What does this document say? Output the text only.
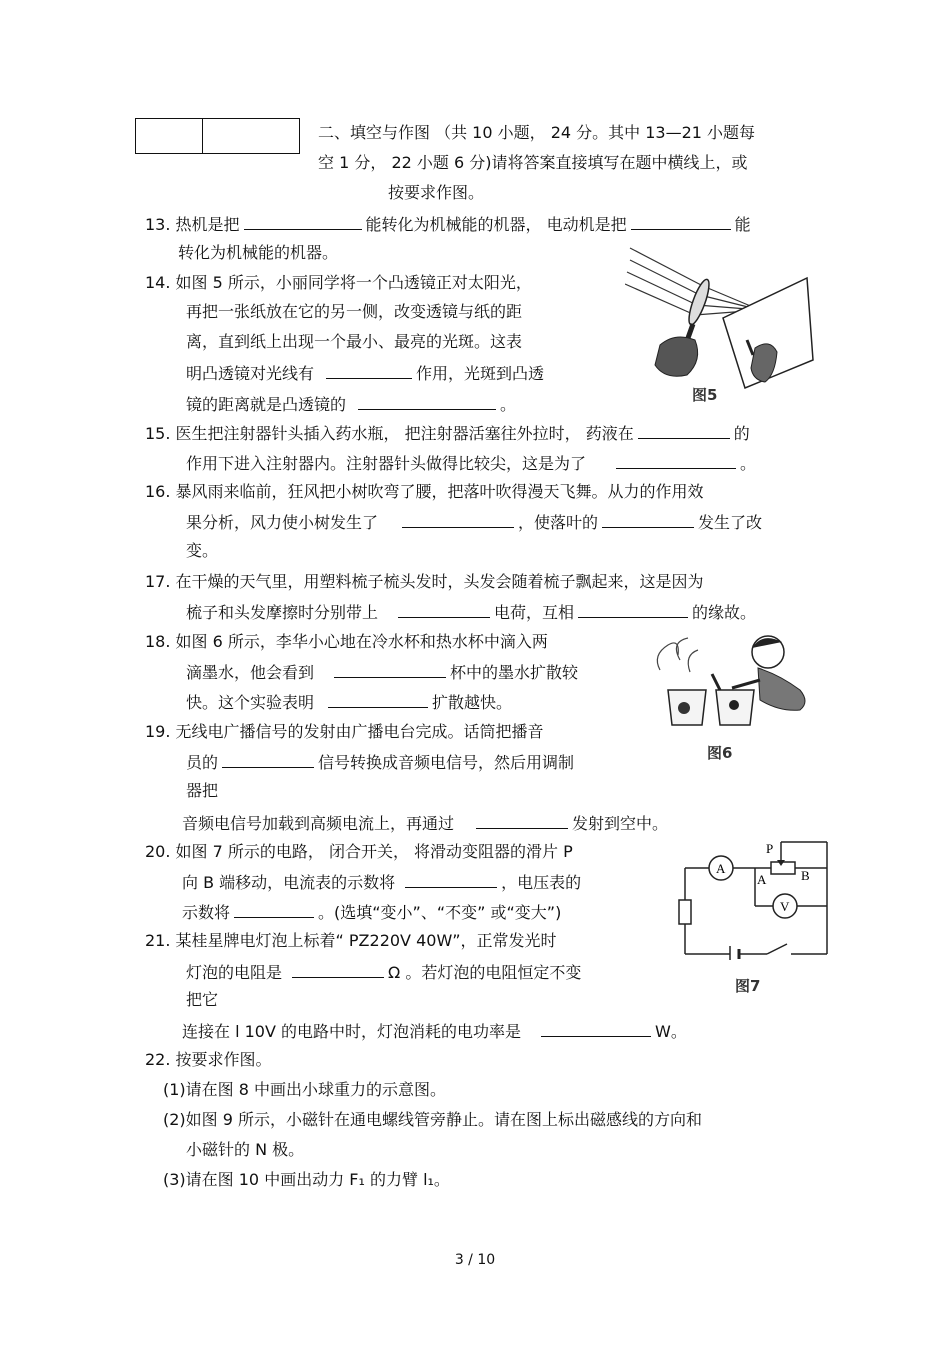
二、填空与作图 （共 10 小题， 24 分。其中 13—21 小题每
空 1 分， 22 小题 6 分)请将答案直接填写在题中横线上，或
按要求作图。
13. 热机是把	能转化为机械能的机器， 电动机是把	能
转化为机械能的机器。
14. 如图 5 所示，小丽同学将一个凸透镜正对太阳光，
再把一张纸放在它的另一侧，改变透镜与纸的距
离，直到纸上出现一个最小、最亮的光斑。这表
明凸透镜对光线有	作用，光斑到凸透
镜的距离就是凸透镜的	。	图5
15. 医生把注射器针头插入药水瓶， 把注射器活塞往外拉时， 药液在	的
作用下进入注射器内。注射器针头做得比较尖，这是为了	。
16. 暴风雨来临前，狂风把小树吹弯了腰，把落叶吹得漫天飞舞。从力的作用效
果分析，风力使小树发生了	，使落叶的	发生了改
变。
17. 在干燥的天气里，用塑料梳子梳头发时，头发会随着梳子飘起来，这是因为
梳子和头发摩擦时分别带上	电荷，互相	的缘故。
18. 如图 6 所示，李华小心地在冷水杯和热水杯中滴入两
滴墨水，他会看到	杯中的墨水扩散较
快。这个实验表明	扩散越快。
图6
19. 无线电广播信号的发射由广播电台完成。话筒把播音
员的	信号转换成音频电信号，然后用调制
器把
音频电信号加载到高频电流上，再通过	发射到空中。
20. 如图 7 所示的电路， 闭合开关， 将滑动变阻器的滑片 P
向 B 端移动，电流表的示数将	，电压表的
示数将	。(选填“变小”、“不变” 或“变大”)
A
P
A	B
V
图7
21. 某桂星牌电灯泡上标着“ PZ220V 40W”，正常发光时
灯泡的电阻是	Ω 。若灯泡的电阻恒定不变
把它
连接在 l 10V 的电路中时，灯泡消耗的电功率是	W。
22. 按要求作图。
(1)请在图 8 中画出小球重力的示意图。
(2)如图 9 所示，小磁针在通电螺线管旁静止。请在图上标出磁感线的方向和
小磁针的 N 极。
(3)请在图 10 中画出动力 F₁ 的力臂 l₁。
3 / 10
